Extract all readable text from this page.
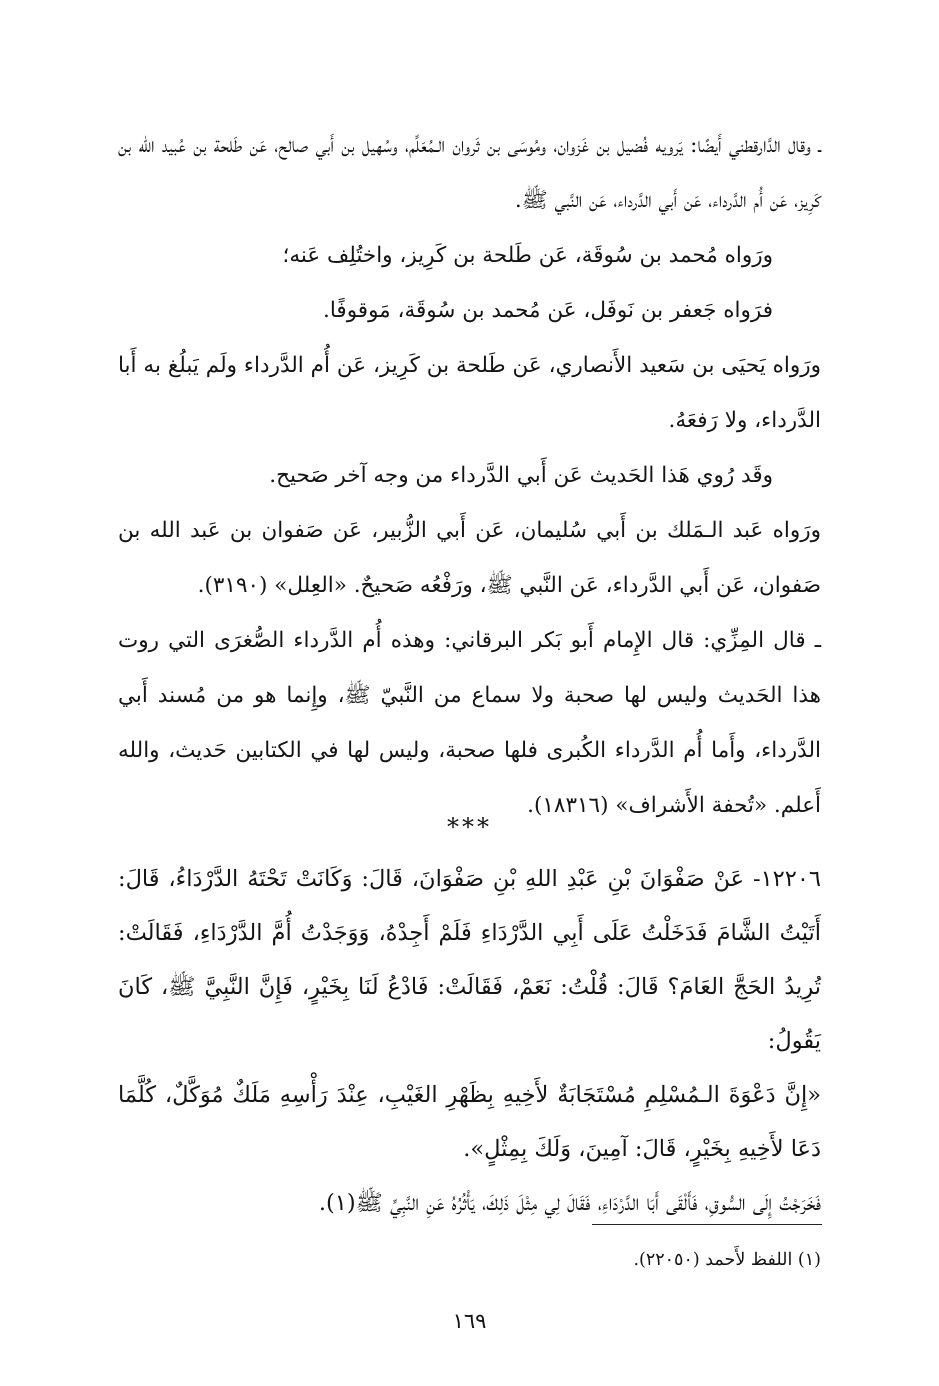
ـ وقال الدَّارقطني أَيضًا: يَرويه فُضيل بن غَزوان، ومُوسَى بن ثَروان الـمُعَلِّم، وسُهيل بن أَبي صالح، عَن طَلحة بن عُبيد الله بن كَرِيز، عَن أُم الدَّرداء، عَن أَبي الدَّرداء، عَن النَّبي ﷺ.

ورَواه مُحمد بن سُوقَة، عَن طَلحة بن كَرِيز، واختُلِف عَنه؛

فرَواه جَعفر بن نَوفَل، عَن مُحمد بن سُوقَة، مَوقوفًا.

ورَواه يَحيَى بن سَعيد الأَنصاري، عَن طَلحة بن كَرِيز، عَن أُم الدَّرداء ولَم يَبلُغ به أَبا الدَّرداء، ولا رَفعَهُ.

وقَد رُوي هَذا الحَديث عَن أَبي الدَّرداء من وجه آخر صَحيح.

ورَواه عَبد الـمَلك بن أَبي سُليمان، عَن أَبي الزُّبير، عَن صَفوان بن عَبد الله بن صَفوان، عَن أَبي الدَّرداء، عَن النَّبي ﷺ، ورَفْعُه صَحيحٌ. «العِلل» (٣١٩٠).

ـ قال المِزِّي: قال الإِمام أَبو بَكر البرقاني: وهذه أُم الدَّرداء الصُّغرَى التي روت هذا الحَديث وليس لها صحبة ولا سماع من النَّبيّ ﷺ، وإِنما هو من مُسند أَبي الدَّرداء، وأَما أُم الدَّرداء الكُبرى فلها صحبة، وليس لها في الكتابين حَديث، والله أَعلم. «تُحفة الأَشراف» (١٨٣١٦).

***

١٢٢٠٦- عَنْ صَفْوَانَ بْنِ عَبْدِ اللهِ بْنِ صَفْوَانَ، قَالَ: وَكَانَتْ تَحْتَهُ الدَّرْدَاءُ، قَالَ: أَتَيْتُ الشَّامَ فَدَخَلْتُ عَلَى أَبِي الدَّرْدَاءِ فَلَمْ أَجِدْهُ، وَوَجَدْتُ أُمَّ الدَّرْدَاءِ، فَقَالَتْ: تُرِيدُ الحَجَّ العَامَ؟ قَالَ: قُلْتُ: نَعَمْ، فَقَالَتْ: فَادْعُ لَنَا بِخَيْرٍ، فَإِنَّ النَّبِيَّ ﷺ، كَانَ يَقُولُ:

«إِنَّ دَعْوَةَ الـمُسْلِمِ مُسْتَجَابَةٌ لأَخِيهِ بِظَهْرِ الغَيْبِ، عِنْدَ رَأْسِهِ مَلَكٌ مُوَكَّلٌ، كُلَّمَا دَعَا لأَخِيهِ بِخَيْرٍ، قَالَ: آمِينَ، وَلَكَ بِمِثْلٍ».

فَخَرَجْتُ إِلَى السُّوقِ، فَأَلْقَى أَبَا الدَّرْدَاءِ، فَقَالَ لِي مِثْلَ ذَلِكَ، يَأْثُرُهُ عَنِ النَّبِيِّ ﷺ(١).

(١) اللفظ لأَحمد (٢٢٠٥٠).
١٦٩
